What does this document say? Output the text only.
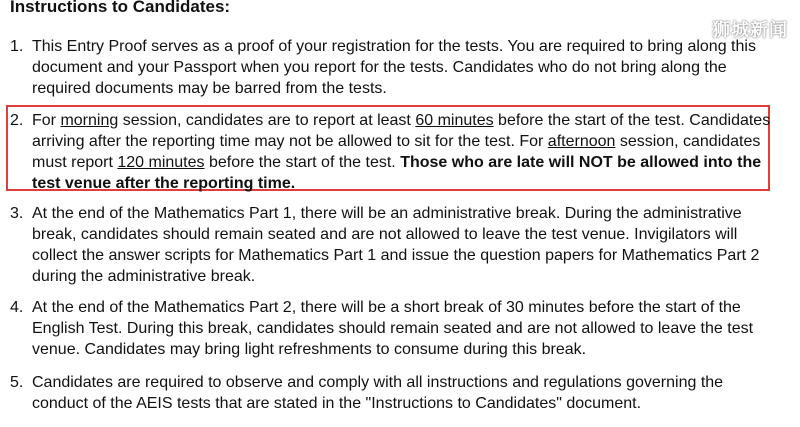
Instructions to Candidates:
狮城新闻
1. This Entry Proof serves as a proof of your registration for the tests. You are required to bring along this document and your Passport when you report for the tests. Candidates who do not bring along the required documents may be barred from the tests.
2. For morning session, candidates are to report at least 60 minutes before the start of the test. Candidates arriving after the reporting time may not be allowed to sit for the test. For afternoon session, candidates must report 120 minutes before the start of the test. Those who are late will NOT be allowed into the test venue after the reporting time.
3. At the end of the Mathematics Part 1, there will be an administrative break. During the administrative break, candidates should remain seated and are not allowed to leave the test venue. Invigilators will collect the answer scripts for Mathematics Part 1 and issue the question papers for Mathematics Part 2 during the administrative break.
4. At the end of the Mathematics Part 2, there will be a short break of 30 minutes before the start of the English Test. During this break, candidates should remain seated and are not allowed to leave the test venue. Candidates may bring light refreshments to consume during this break.
5. Candidates are required to observe and comply with all instructions and regulations governing the conduct of the AEIS tests that are stated in the "Instructions to Candidates" document.
